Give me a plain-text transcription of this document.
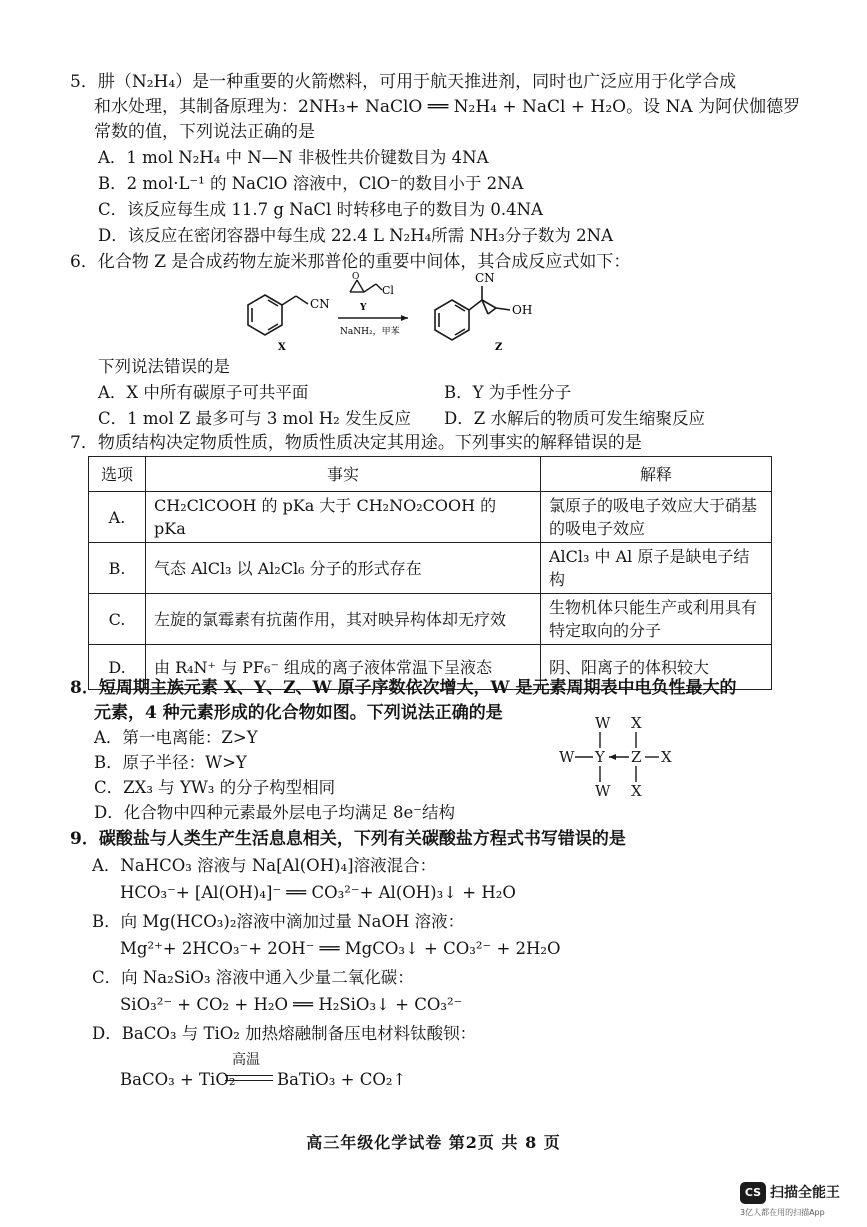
5．肼（N₂H₄）是一种重要的火箭燃料，可用于航天推进剂，同时也广泛应用于化学合成
和水处理，其制备原理为：2NH₃+ NaClO ══ N₂H₄ + NaCl + H₂O。设 NA 为阿伏伽德罗
常数的值，下列说法正确的是
A．1 mol N₂H₄ 中 N—N 非极性共价键数目为 4NA
B．2 mol·L⁻¹ 的 NaClO 溶液中，ClO⁻的数目小于 2NA
C．该反应每生成 11.7 g NaCl 时转移电子的数目为 0.4NA
D．该反应在密闭容器中每生成 22.4 L N₂H₄所需 NH₃分子数为 2NA
6．化合物 Z 是合成药物左旋米那普伦的重要中间体，其合成反应式如下：
CN
X
O
Cl
Y
NaNH₂，甲苯
CN
OH
Z
下列说法错误的是
A．X 中所有碳原子可共平面	B．Y 为手性分子
C．1 mol Z 最多可与 3 mol H₂ 发生反应 D．Z 水解后的物质可发生缩聚反应
7．物质结构决定物质性质，物质性质决定其用途。下列事实的解释错误的是
选项	事实	解释
A.	CH₂ClCOOH 的 pKa 大于 CH₂NO₂COOH 的 pKa	氯原子的吸电子效应大于硝基的吸电子效应
B.	气态 AlCl₃ 以 Al₂Cl₆ 分子的形式存在	AlCl₃ 中 Al 原子是缺电子结构
C.	左旋的氯霉素有抗菌作用，其对映异构体却无疗效	生物机体只能生产或利用具有特定取向的分子
D.	由 R₄N⁺ 与 PF₆⁻ 组成的离子液体常温下呈液态	阴、阳离子的体积较大
8．短周期主族元素 X、Y、Z、W 原子序数依次增大，W 是元素周期表中电负性最大的
元素，4 种元素形成的化合物如图。下列说法正确的是
A．第一电离能：Z>Y
B．原子半径：W>Y
C．ZX₃ 与 YW₃ 的分子构型相同
D．化合物中四种元素最外层电子均满足 8e⁻结构
W X
W Y Z X
W X
9．碳酸盐与人类生产生活息息相关，下列有关碳酸盐方程式书写错误的是
A．NaHCO₃ 溶液与 Na[Al(OH)₄]溶液混合：
HCO₃⁻+ [Al(OH)₄]⁻ ══ CO₃²⁻+ Al(OH)₃↓ + H₂O
B．向 Mg(HCO₃)₂溶液中滴加过量 NaOH 溶液：
Mg²⁺+ 2HCO₃⁻+ 2OH⁻ ══ MgCO₃↓ + CO₃²⁻ + 2H₂O
C．向 Na₂SiO₃ 溶液中通入少量二氧化碳：
SiO₃²⁻ + CO₂ + H₂O ══ H₂SiO₃↓ + CO₃²⁻
D．BaCO₃ 与 TiO₂ 加热熔融制备压电材料钛酸钡：
高温
BaCO₃ + TiO₂	BaTiO₃ + CO₂↑
高三年级化学试卷 第2页 共 8 页
CS 扫描全能王
3亿人都在用的扫描App
